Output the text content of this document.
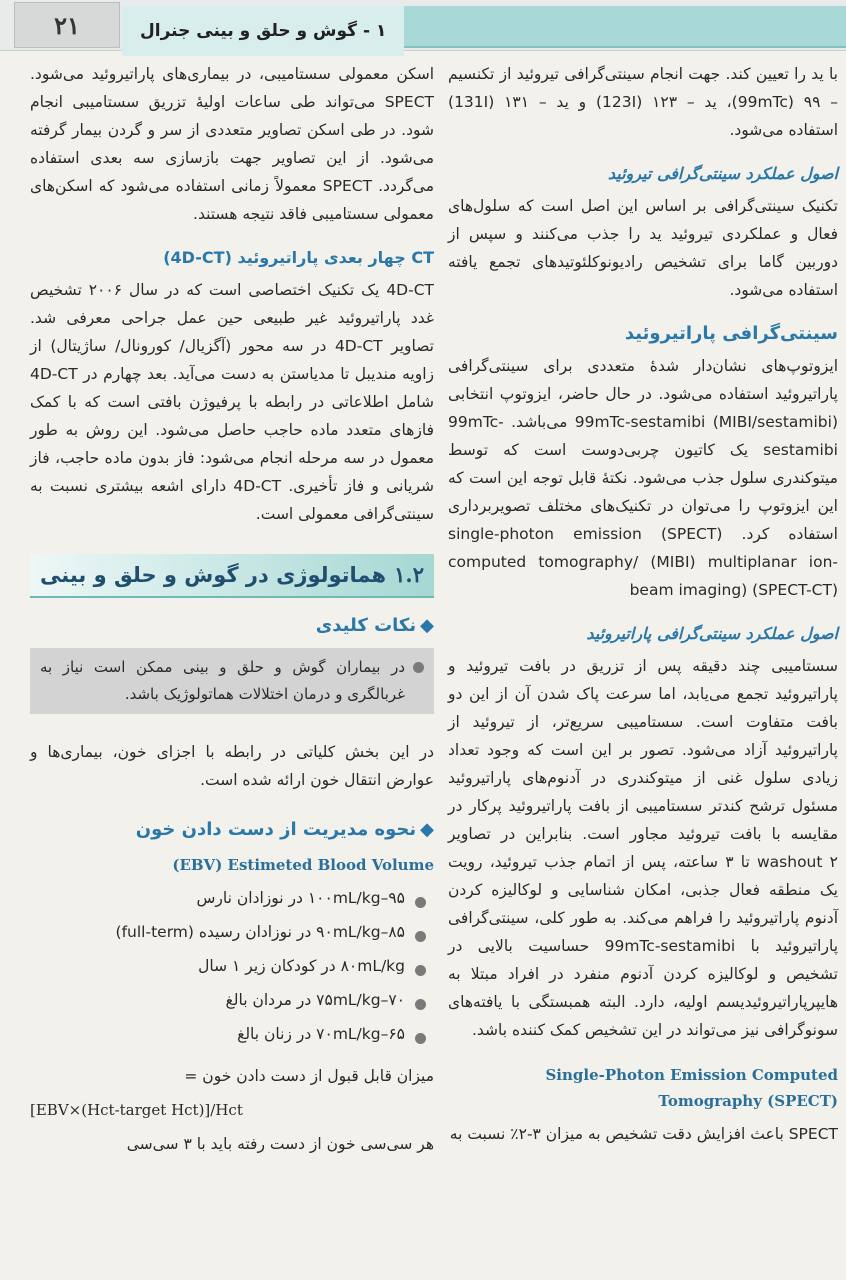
۲۱	۱ - گوش و حلق و بینی جنرال

با ید را تعیین کند. جهت انجام سینتی‌گرافی تیروئید از تکنسیم – ۹۹ (99mTc)، ید – ۱۲۳ (123I) و ید – ۱۳۱ (131I) استفاده می‌شود.

اصول عملکرد سینتی‌گرافی تیروئید

تکنیک سینتی‌گرافی بر اساس این اصل است که سلول‌های فعال و عملکردی تیروئید ید را جذب می‌کنند و سپس از دوربین گاما برای تشخیص رادیونوکلئوتیدهای تجمع یافته استفاده می‌شود.

سینتی‌گرافی پاراتیروئید

ایزوتوپ‌های نشان‌دار شدهٔ متعددی برای سینتی‌گرافی پاراتیروئید استفاده می‌شود. در حال حاضر، ایزوتوپ انتخابی 99mTc-sestamibi (MIBI/sestamibi) می‌باشد. 99mTc-sestamibi یک کاتیون چربی‌دوست است که توسط میتوکندری سلول جذب می‌شود. نکتهٔ قابل توجه این است که این ایزوتوپ را می‌توان در تکنیک‌های مختلف تصویربرداری استفاده کرد. (SPECT) single-photon emission computed tomography/ (MIBI) multiplanar ion-beam imaging) (SPECT-CT)

اصول عملکرد سینتی‌گرافی پاراتیروئید

سستامیبی چند دقیقه پس از تزریق در بافت تیروئید و پاراتیروئید تجمع می‌یابد، اما سرعت پاک شدن آن از این دو بافت متفاوت است. سستامیبی سریع‌تر، از تیروئید از پاراتیروئید آزاد می‌شود. تصور بر این است که وجود تعداد زیادی سلول غنی از میتوکندری در آدنوم‌های پاراتیروئید مسئول ترشح کندتر سستامیبی از بافت پاراتیروئید پرکار در مقایسه با بافت تیروئید مجاور است. بنابراین در تصاویر washout ۲ تا ۳ ساعته، پس از اتمام جذب تیروئید، رویت یک منطقه فعال جذبی، امکان شناسایی و لوکالیزه کردن آدنوم پاراتیروئید را فراهم می‌کند. به طور کلی، سینتی‌گرافی پاراتیروئید با 99mTc-sestamibi حساسیت بالایی در تشخیص و لوکالیزه کردن آدنوم منفرد در افراد مبتلا به هایپرپاراتیروئیدیسم اولیه، دارد. البته همبستگی با یافته‌های سونوگرافی نیز می‌تواند در این تشخیص کمک کننده باشد.

Single-Photon Emission Computed Tomography (SPECT)

SPECT باعث افزایش دقت تشخیص به میزان ۳-۲٪ نسبت به

اسکن معمولی سستامیبی، در بیماری‌های پاراتیروئید می‌شود. SPECT می‌تواند طی ساعات اولیهٔ تزریق سستامیبی انجام شود. در طی اسکن تصاویر متعددی از سر و گردن بیمار گرفته می‌شود. از این تصاویر جهت بازسازی سه بعدی استفاده می‌گردد. SPECT معمولاً زمانی استفاده می‌شود که اسکن‌های معمولی سستامیبی فاقد نتیجه هستند.

CT چهار بعدی پاراتیروئید (4D-CT)

4D-CT یک تکنیک اختصاصی است که در سال ۲۰۰۶ تشخیص غدد پاراتیروئید غیر طبیعی حین عمل جراحی معرفی شد. تصاویر 4D-CT در سه محور (آگزیال/ کورونال/ ساژیتال) از زاویه مندیبل تا مدیاستن به دست می‌آید. بعد چهارم در 4D-CT شامل اطلاعاتی در رابطه با پرفیوژن بافتی است که با کمک فازهای متعدد ماده حاجب حاصل می‌شود. این روش به طور معمول در سه مرحله انجام می‌شود: فاز بدون ماده حاجب، فاز شریانی و فاز تأخیری. 4D-CT دارای اشعه بیشتری نسبت به سینتی‌گرافی معمولی است.

۱.۲
هماتولوژی در گوش و حلق و بینی
◆نکات کلیدی
در بیماران گوش و حلق و بینی ممکن است نیاز به غربالگری و درمان اختلالات هماتولوژیک باشد.

در این بخش کلیاتی در رابطه با اجزای خون، بیماری‌ها و عوارض انتقال خون ارائه شده است.

◆نحوه مدیریت از دست دادن خون
(EBV) Estimeted Blood Volume
۹۵–۱۰۰mL/kg در نوزادان نارس
۸۵–۹۰mL/kg در نوزادان رسیده (full-term)
۸۰mL/kg در کودکان زیر ۱ سال
۷۰–۷۵mL/kg در مردان بالغ
۶۵–۷۰mL/kg در زنان بالغ

میزان قابل قبول از دست دادن خون =

[EBV×(Hct-target Hct)]/Hct

هر سی‌سی خون از دست رفته باید با ۳ سی‌سی
